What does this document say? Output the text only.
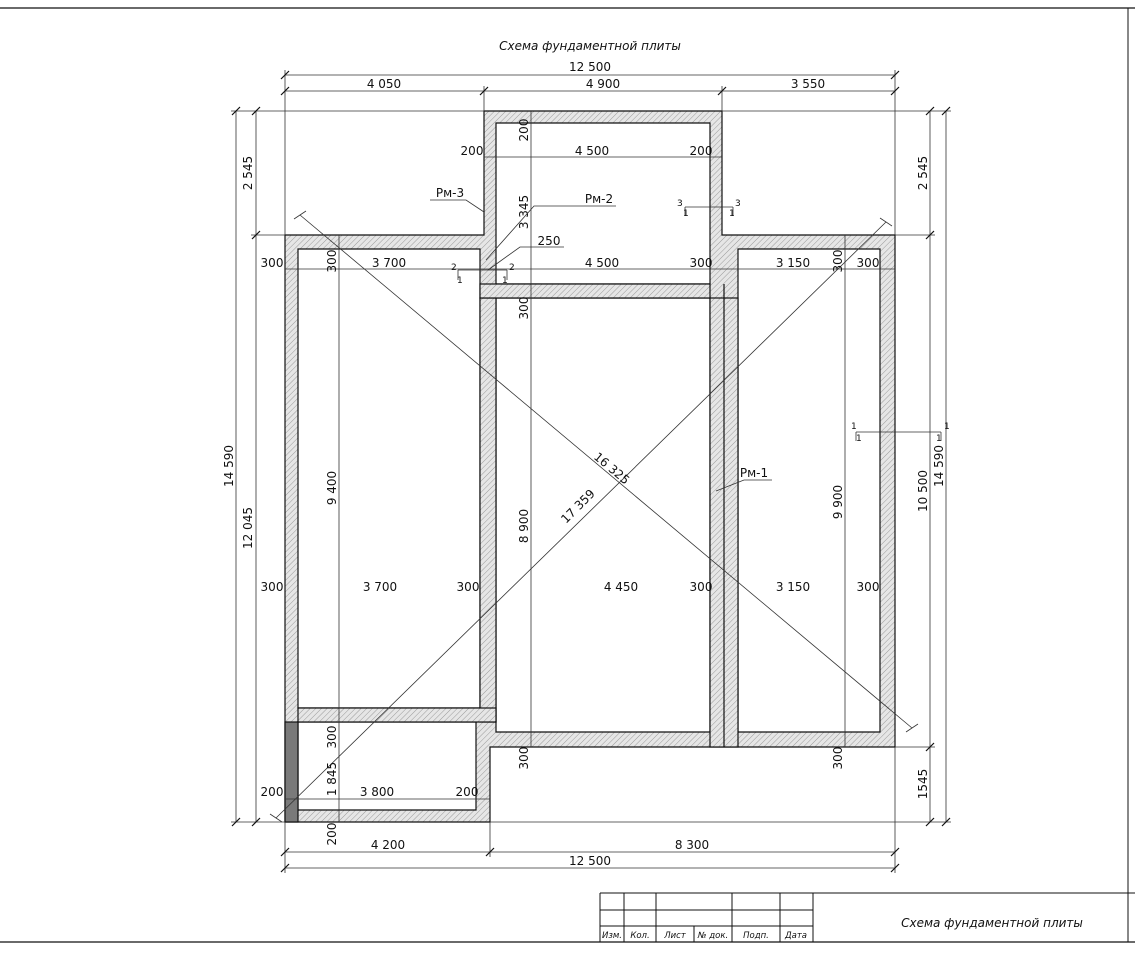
Схема фундаментной плиты
16 325
17 359
12 500
4 050	4 900	3 550
4 200	8 300
12 500
14 590
2 545
12 045
2 545
10 500
14 590
1545
200
200	4 500	200
3 345
250
300	300	3 700	4 500	300	3 150 300 300
300
9 400
8 900
9 900
300	3 700	300	4 450	300	3 150	300
300
300	300
1 845
200	3 800	200
200
Рм-1
Рм-2
Рм-3
1	1
1	1
2	2
1	1
3	3
1	1
Изм. Кол. Лист № док. Подп. Дата
Схема фундаментной плиты
